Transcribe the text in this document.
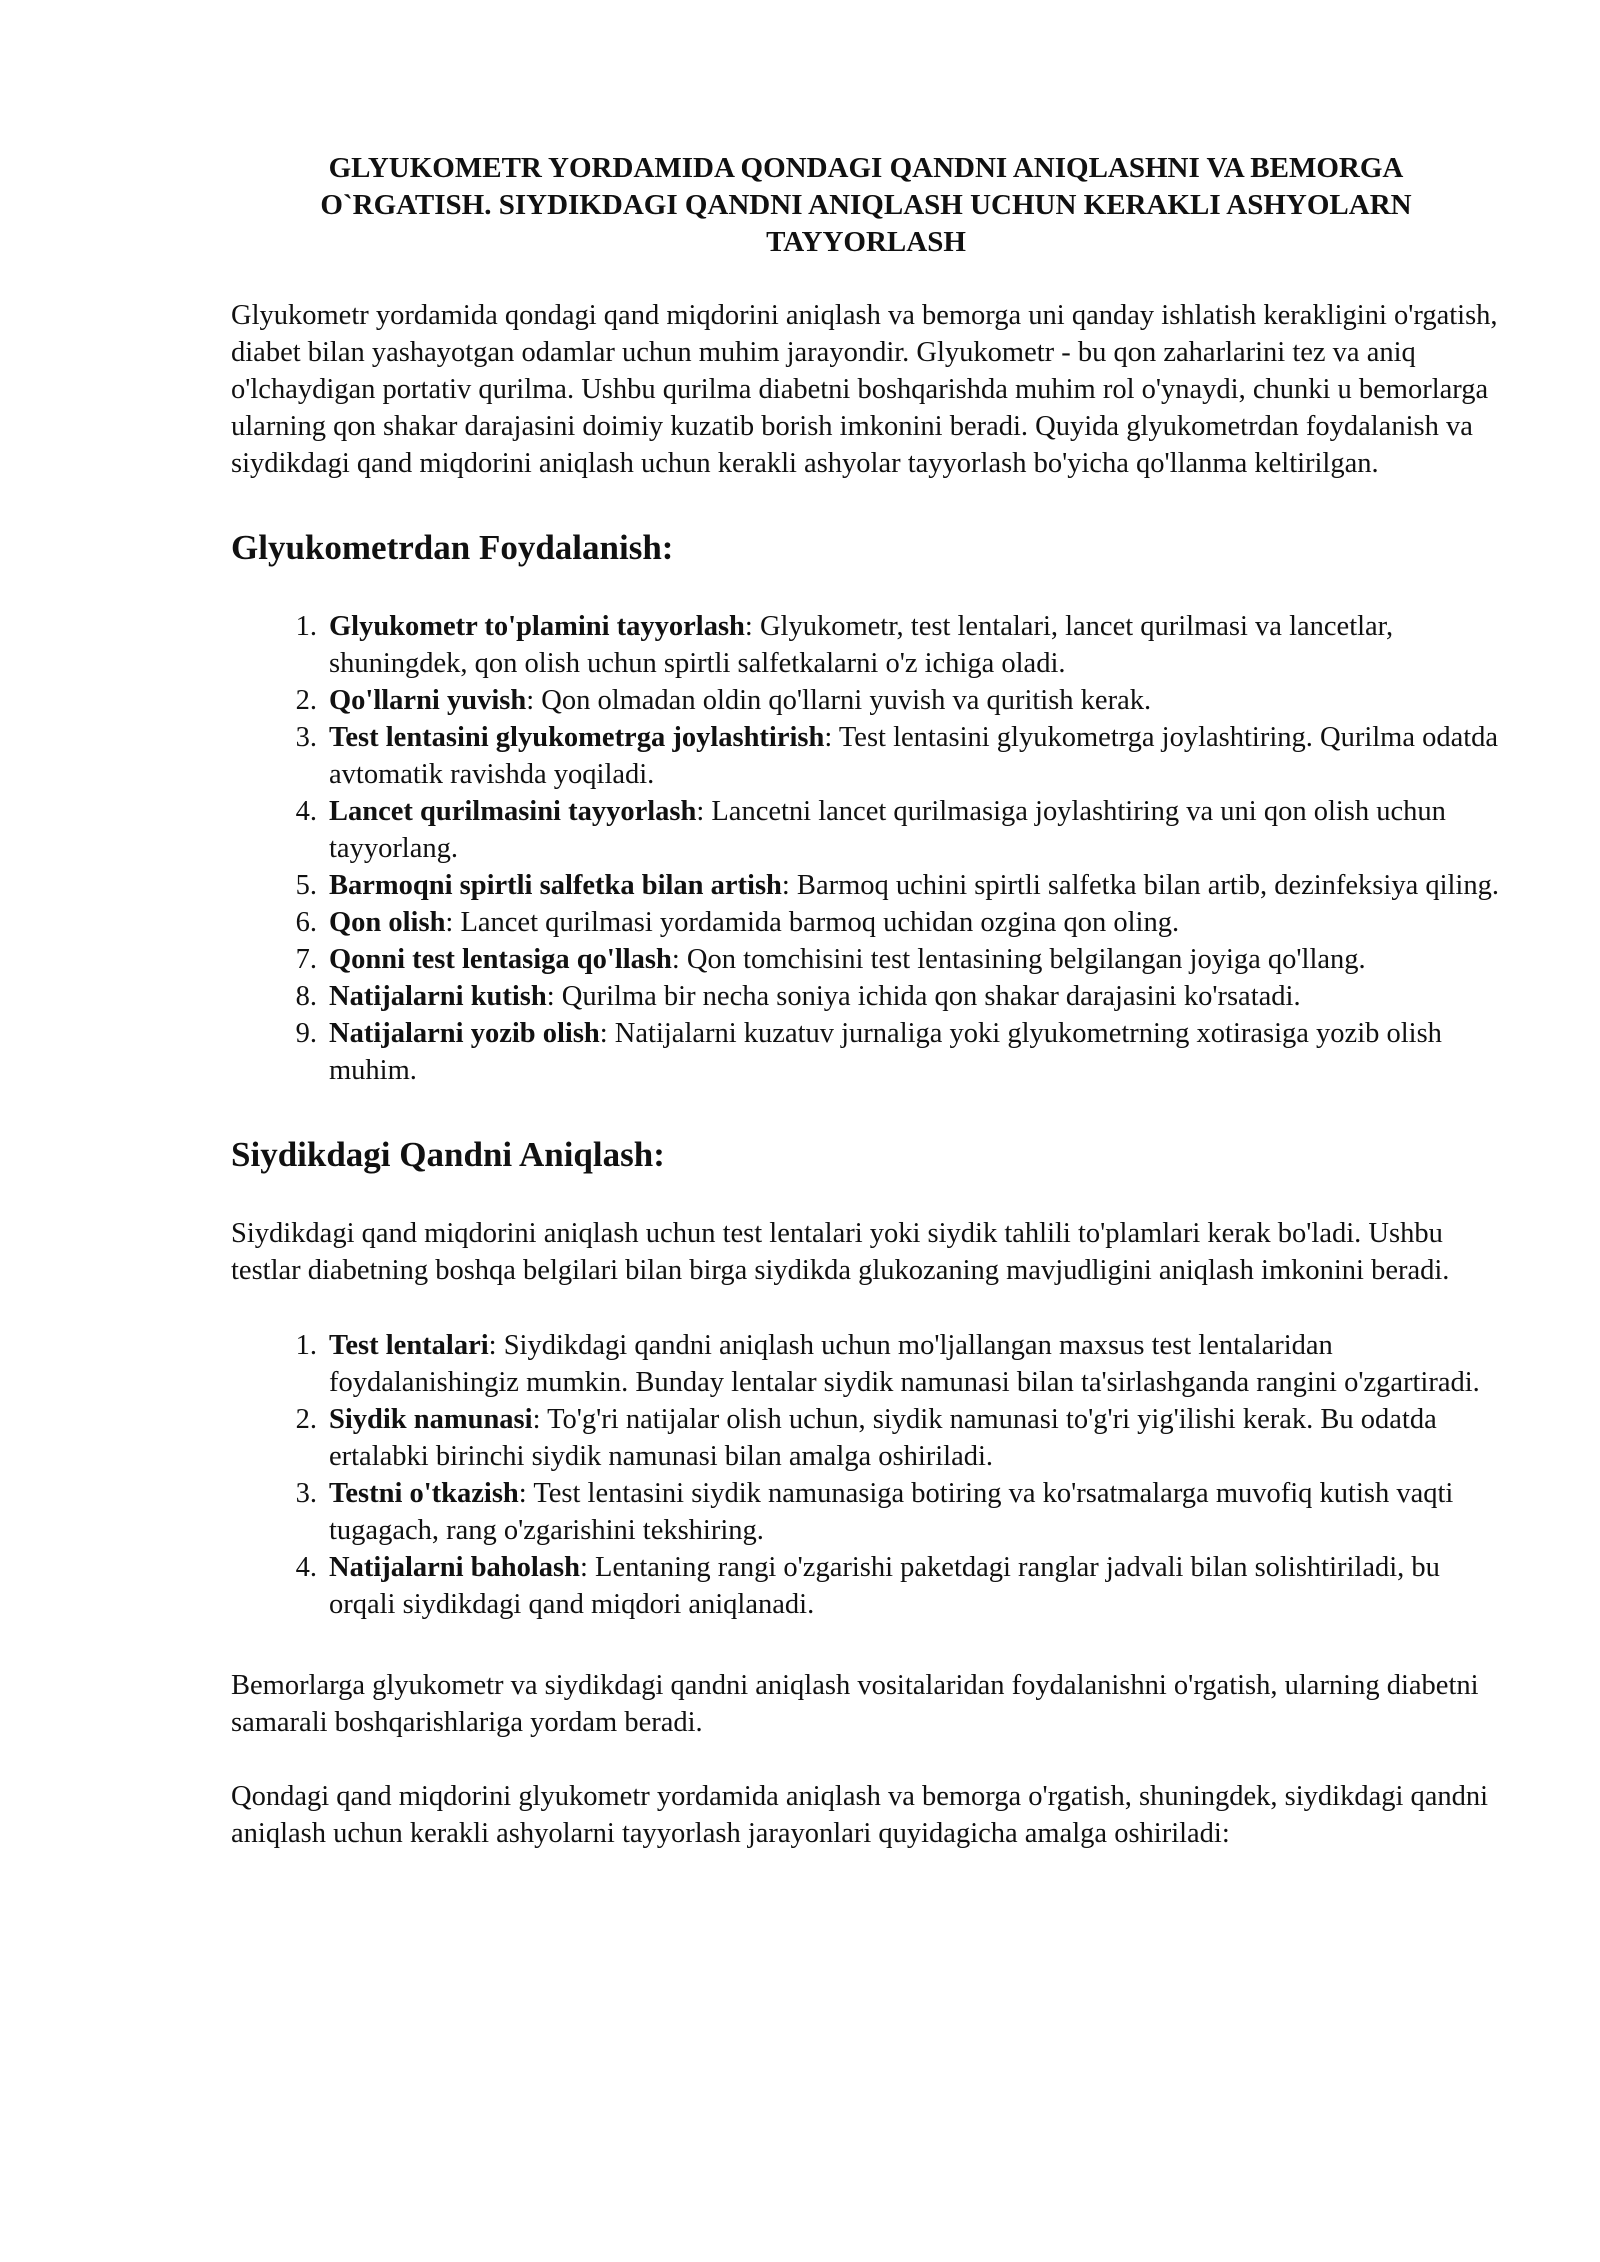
GLYUKOMETR YORDAMIDA QONDAGI QANDNI ANIQLASHNI VA BEMORGA O`RGATISH. SIYDIKDAGI QANDNI ANIQLASH UCHUN KERAKLI ASHYOLARN TAYYORLASH

Glyukometr yordamida qondagi qand miqdorini aniqlash va bemorga uni qanday ishlatish kerakligini o'rgatish, diabet bilan yashayotgan odamlar uchun muhim jarayondir. Glyukometr - bu qon zaharlarini tez va aniq o'lchaydigan portativ qurilma. Ushbu qurilma diabetni boshqarishda muhim rol o'ynaydi, chunki u bemorlarga ularning qon shakar darajasini doimiy kuzatib borish imkonini beradi. Quyida glyukometrdan foydalanish va siydikdagi qand miqdorini aniqlash uchun kerakli ashyolar tayyorlash bo'yicha qo'llanma keltirilgan.

Glyukometrdan Foydalanish:
1. Glyukometr to'plamini tayyorlash: Glyukometr, test lentalari, lancet qurilmasi va lancetlar, shuningdek, qon olish uchun spirtli salfetkalarni o'z ichiga oladi.
2. Qo'llarni yuvish: Qon olmadan oldin qo'llarni yuvish va quritish kerak.
3. Test lentasini glyukometrga joylashtirish: Test lentasini glyukometrga joylashtiring. Qurilma odatda avtomatik ravishda yoqiladi.
4. Lancet qurilmasini tayyorlash: Lancetni lancet qurilmasiga joylashtiring va uni qon olish uchun tayyorlang.
5. Barmoqni spirtli salfetka bilan artish: Barmoq uchini spirtli salfetka bilan artib, dezinfeksiya qiling.
6. Qon olish: Lancet qurilmasi yordamida barmoq uchidan ozgina qon oling.
7. Qonni test lentasiga qo'llash: Qon tomchisini test lentasining belgilangan joyiga qo'llang.
8. Natijalarni kutish: Qurilma bir necha soniya ichida qon shakar darajasini ko'rsatadi.
9. Natijalarni yozib olish: Natijalarni kuzatuv jurnaliga yoki glyukometrning xotirasiga yozib olish muhim.
Siydikdagi Qandni Aniqlash:

Siydikdagi qand miqdorini aniqlash uchun test lentalari yoki siydik tahlili to'plamlari kerak bo'ladi. Ushbu testlar diabetning boshqa belgilari bilan birga siydikda glukozaning mavjudligini aniqlash imkonini beradi.

1. Test lentalari: Siydikdagi qandni aniqlash uchun mo'ljallangan maxsus test lentalaridan foydalanishingiz mumkin. Bunday lentalar siydik namunasi bilan ta'sirlashganda rangini o'zgartiradi.
2. Siydik namunasi: To'g'ri natijalar olish uchun, siydik namunasi to'g'ri yig'ilishi kerak. Bu odatda ertalabki birinchi siydik namunasi bilan amalga oshiriladi.
3. Testni o'tkazish: Test lentasini siydik namunasiga botiring va ko'rsatmalarga muvofiq kutish vaqti tugagach, rang o'zgarishini tekshiring.
4. Natijalarni baholash: Lentaning rangi o'zgarishi paketdagi ranglar jadvali bilan solishtiriladi, bu orqali siydikdagi qand miqdori aniqlanadi.

Bemorlarga glyukometr va siydikdagi qandni aniqlash vositalaridan foydalanishni o'rgatish, ularning diabetni samarali boshqarishlariga yordam beradi.

Qondagi qand miqdorini glyukometr yordamida aniqlash va bemorga o'rgatish, shuningdek, siydikdagi qandni aniqlash uchun kerakli ashyolarni tayyorlash jarayonlari quyidagicha amalga oshiriladi:
